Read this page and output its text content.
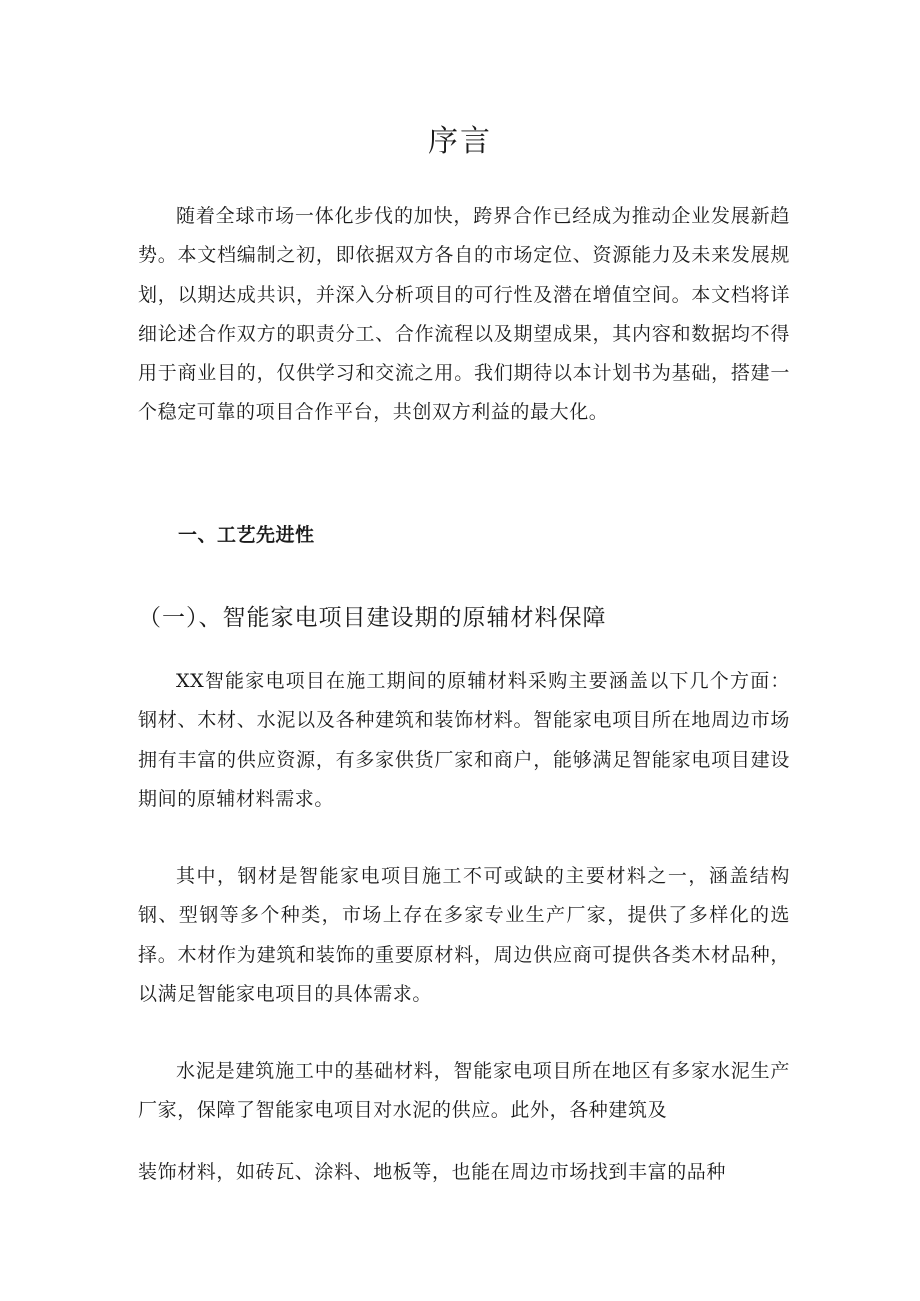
序言

随着全球市场一体化步伐的加快，跨界合作已经成为推动企业发展新趋势。本文档编制之初，即依据双方各自的市场定位、资源能力及未来发展规划，以期达成共识，并深入分析项目的可行性及潜在增值空间。本文档将详细论述合作双方的职责分工、合作流程以及期望成果，其内容和数据均不得用于商业目的，仅供学习和交流之用。我们期待以本计划书为基础，搭建一个稳定可靠的项目合作平台，共创双方利益的最大化。

一、工艺先进性
（一）、智能家电项目建设期的原辅材料保障

XX智能家电项目在施工期间的原辅材料采购主要涵盖以下几个方面：钢材、木材、水泥以及各种建筑和装饰材料。智能家电项目所在地周边市场拥有丰富的供应资源，有多家供货厂家和商户，能够满足智能家电项目建设期间的原辅材料需求。

其中，钢材是智能家电项目施工不可或缺的主要材料之一，涵盖结构钢、型钢等多个种类，市场上存在多家专业生产厂家，提供了多样化的选择。木材作为建筑和装饰的重要原材料，周边供应商可提供各类木材品种，以满足智能家电项目的具体需求。

水泥是建筑施工中的基础材料，智能家电项目所在地区有多家水泥生产厂家，保障了智能家电项目对水泥的供应。此外，各种建筑及

装饰材料，如砖瓦、涂料、地板等，也能在周边市场找到丰富的品种
